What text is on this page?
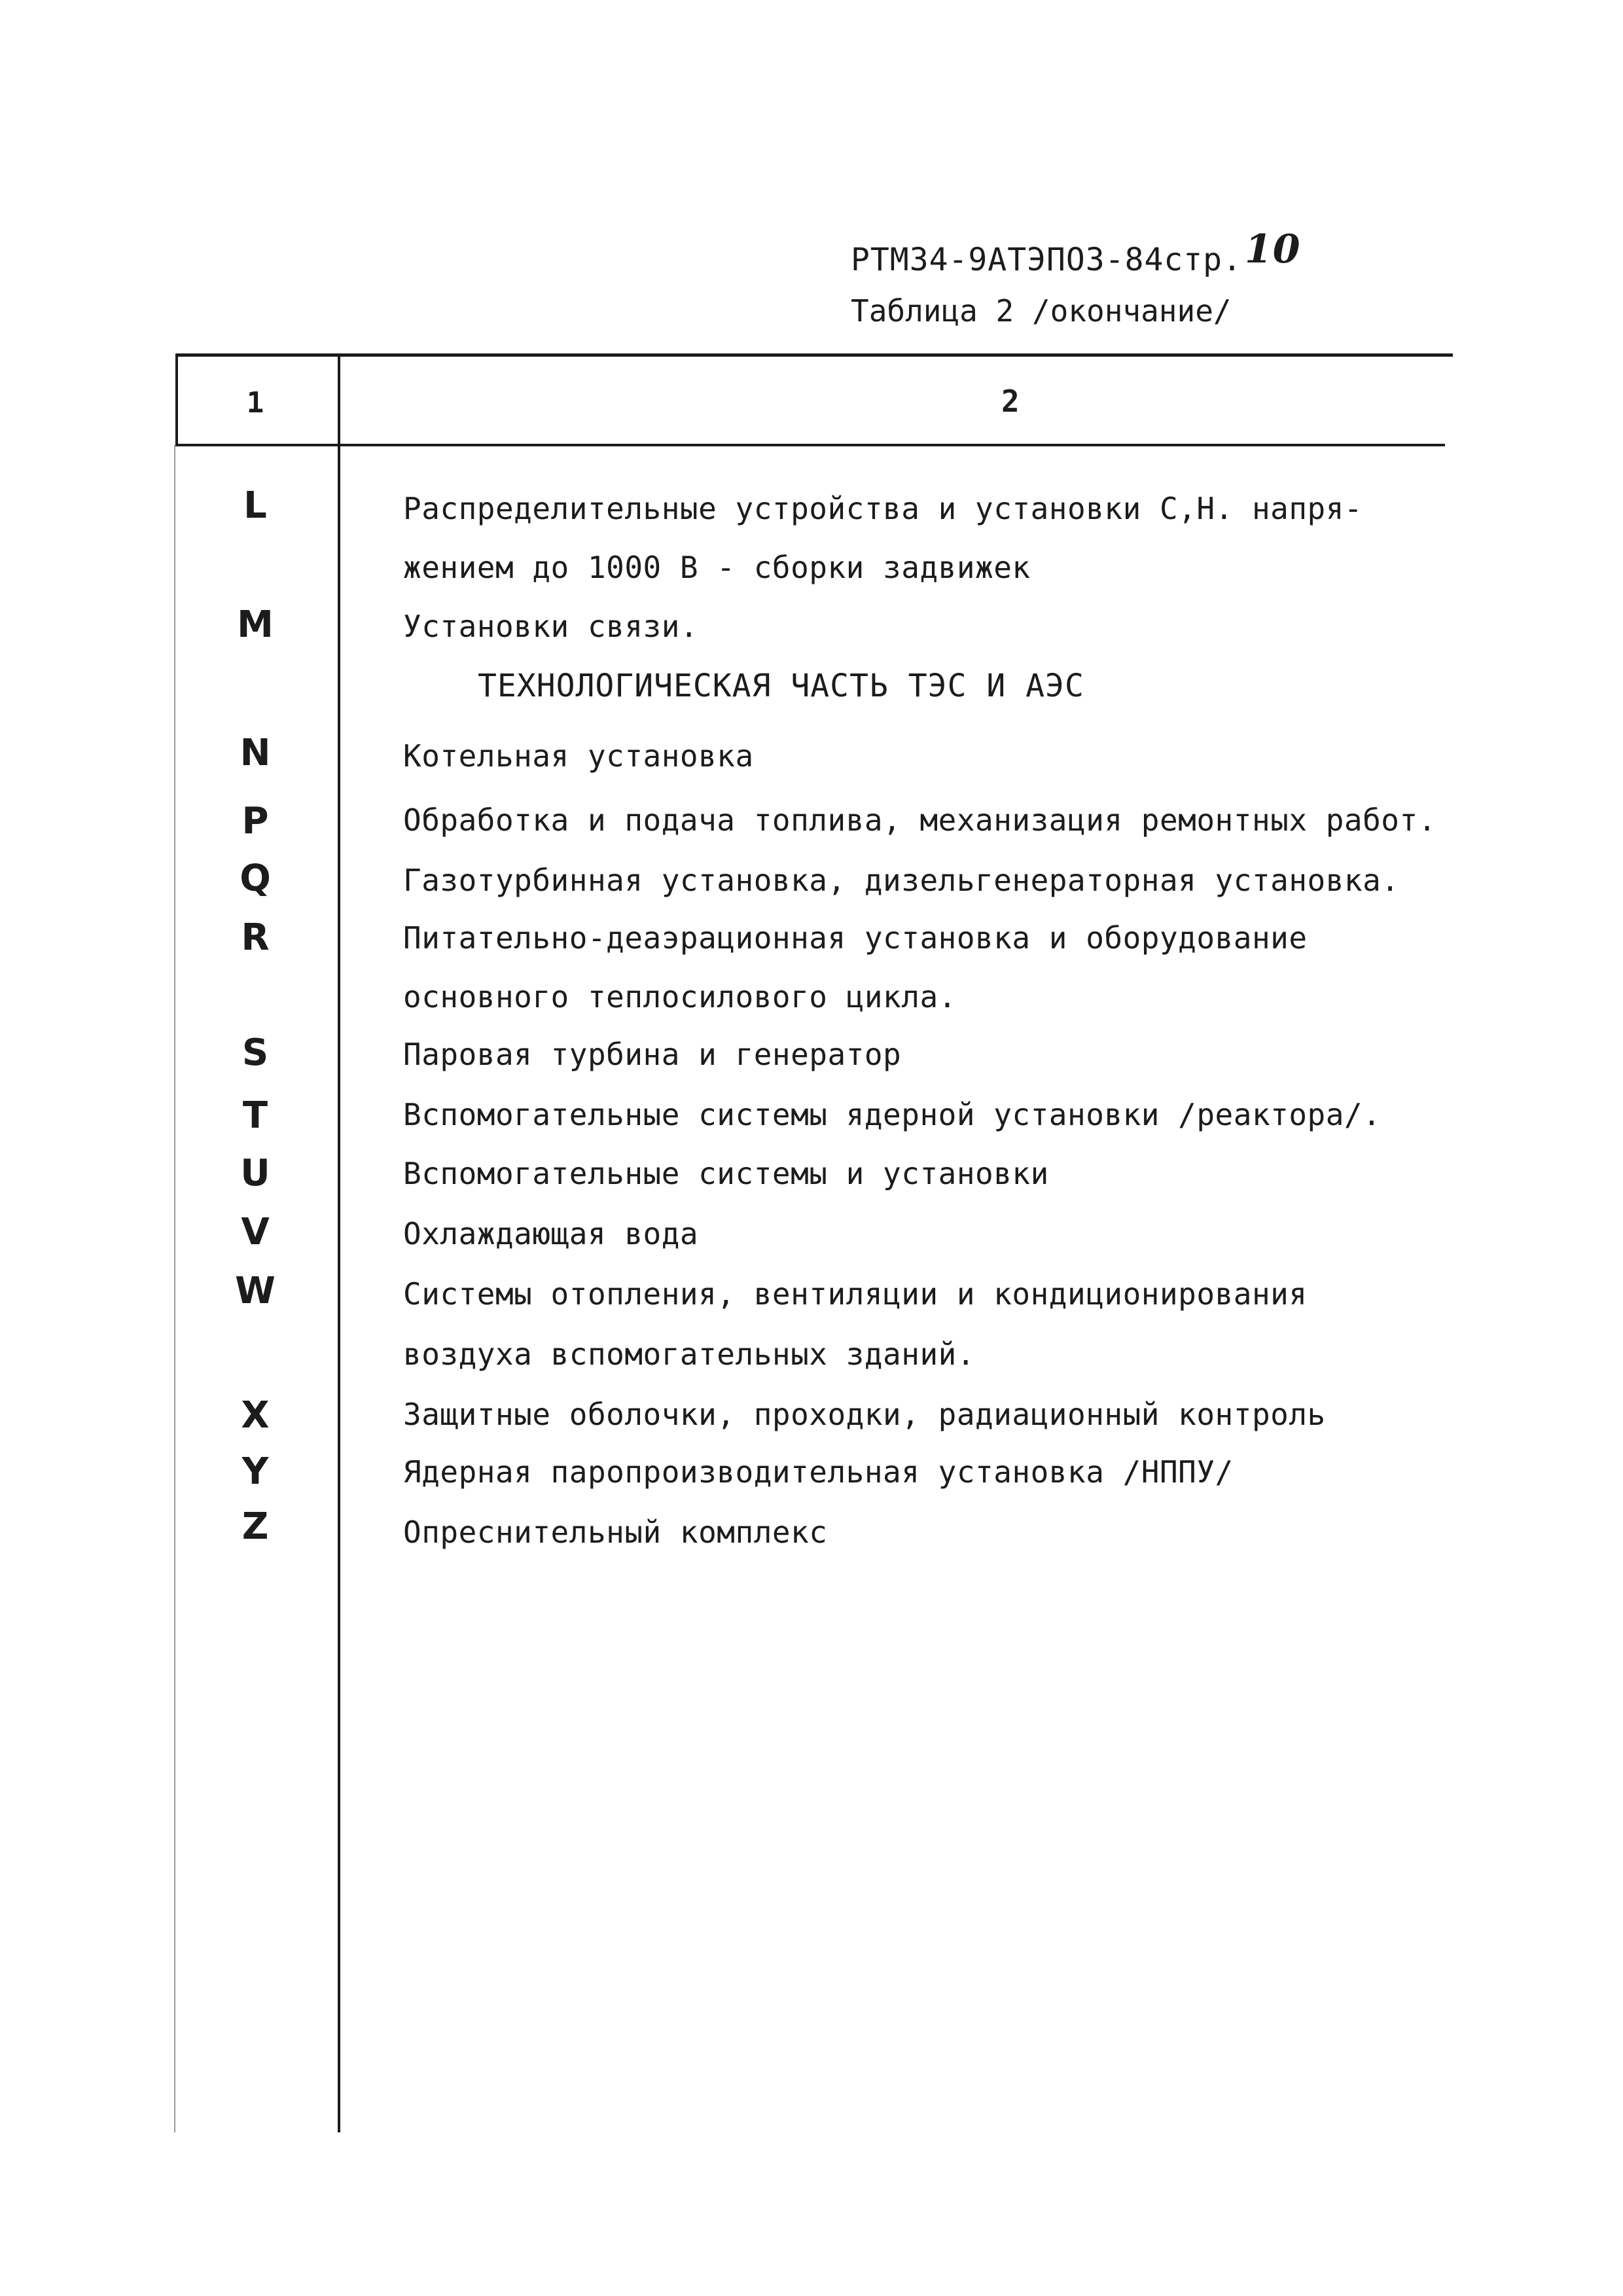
РТМ34-9АТЭПО3-84стр.10
Таблица 2 /окончание/
1	2
L	Распределительные устройства и установки С,Н. напря-
жением до 1000 В - сборки задвижек
M	Установки связи.
ТЕХНОЛОГИЧЕСКАЯ ЧАСТЬ ТЭС И АЭС
N	Котельная установка
P	Обработка и подача топлива, механизация ремонтных работ.
Q	Газотурбинная установка, дизельгенераторная установка.
R	Питательно-деаэрационная установка и оборудование
основного теплосилового цикла.
S	Паровая турбина и генератор
T	Вспомогательные системы ядерной установки /реактора/.
U	Вспомогательные системы и установки
V	Охлаждающая вода
W	Системы отопления, вентиляции и кондиционирования
воздуха вспомогательных зданий.
X	Защитные оболочки, проходки, радиационный контроль
Y	Ядерная паропроизводительная установка /НППУ/
Z	Опреснительный комплекс
